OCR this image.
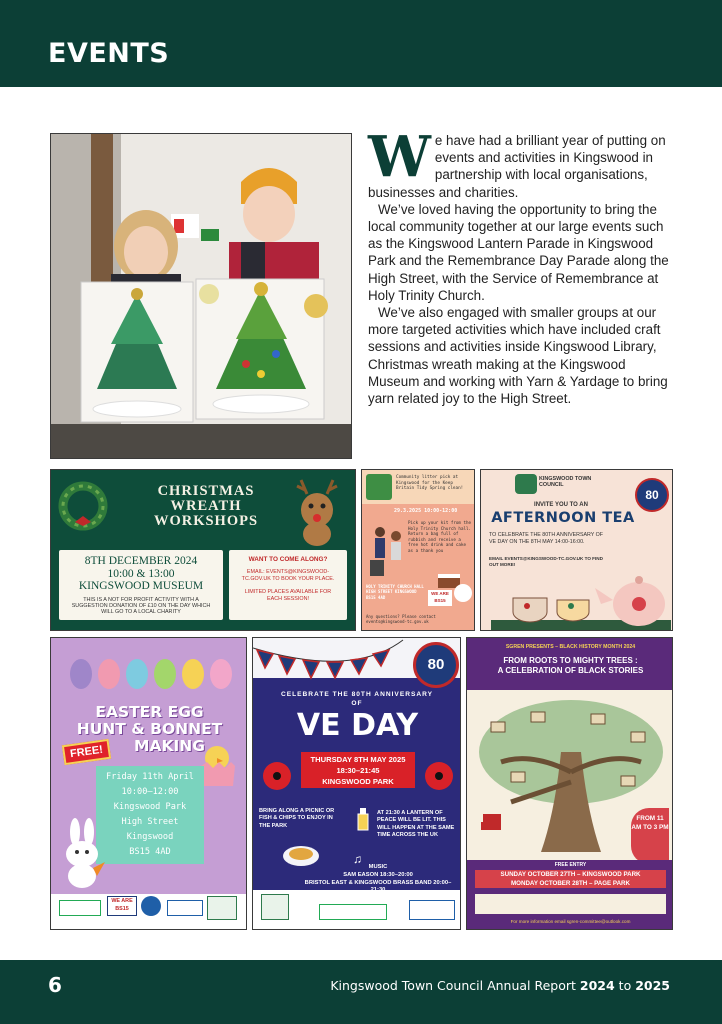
EVENTS

We have had a brilliant year of putting on events and activities in Kingswood in partnership with local organisations, businesses and charities.

We’ve loved having the opportunity to bring the local community together at our large events such as the Kingswood Lantern Parade in Kingswood Park and the Remembrance Day Parade along the High Street, with the Service of Remembrance at Holy Trinity Church.

We’ve also engaged with smaller groups at our more targeted activities which have included craft sessions and activities inside Kingswood Library, Christmas wreath making at the Kingswood Museum and working with Yarn & Yardage to bring yarn related joy to the High Street.

CHRISTMAS
WREATH
WORKSHOPS
8TH DECEMBER 2024
10:00 & 13:00
KINGSWOOD MUSEUM
THIS IS A NOT FOR PROFIT ACTIVITY WITH A SUGGESTION DONATION OF £10 ON THE DAY WHICH WILL GO TO A LOCAL CHARITY
WANT TO COME ALONG?
EMAIL: EVENTS@KINGSWOOD-TC.GOV.UK TO BOOK YOUR PLACE.
LIMITED PLACES AVAILABLE FOR EACH SESSION!
Community litter pick at Kingswood for the Keep Britain Tidy Spring clean!
29.3.2025 10:00-12:00
Pick up your kit from the Holy Trinity Church hall. Return a bag full of rubbish and receive a free hot drink and cake as a thank you
HOLY TRINITY CHURCH HALL HIGH STREET KINGSWOOD BS15 4AD
WE ARE BS15
Any questions? Please contact events@kingswood-tc.gov.uk
KINGSWOOD TOWN COUNCIL
80
INVITE YOU TO AN
AFTERNOON TEA
TO CELEBRATE THE 80TH ANNIVERSARY OF VE DAY ON THE 8TH MAY 14:00-16:00.
EMAIL EVENTS@KINGSWOOD-TC.GOV.UK TO FIND OUT MORE!
EASTER EGG
HUNT & BONNET
MAKING
FREE!
Friday 11th April
10:00–12:00
Kingswood Park
High Street
Kingswood
BS15 4AD
WE ARE BS15
80
CELEBRATE THE 80TH ANNIVERSARY OF
VE DAY
THURSDAY 8TH MAY 2025
18:30–21:45
KINGSWOOD PARK
BRING ALONG A PICNIC OR FISH & CHIPS TO ENJOY IN THE PARK
AT 21:30 A LANTERN OF PEACE WILL BE LIT. THIS WILL HAPPEN AT THE SAME TIME ACROSS THE UK
♫
MUSIC
SAM EASON 18:30–20:00
BRISTOL EAST & KINGSWOOD BRASS BAND 20:00–
SGREN PRESENTS – BLACK HISTORY MONTH 2024
FROM ROOTS TO MIGHTY TREES :
A CELEBRATION OF BLACK STORIES
FROM 11 AM TO 3 PM
FREE ENTRY
SUNDAY OCTOBER 27TH – KINGSWOOD PARK
MONDAY OCTOBER 28TH – PAGE PARK
For more information email sgren-committee@outlook.com
6	Kingswood Town Council Annual Report 2024 to 2025
